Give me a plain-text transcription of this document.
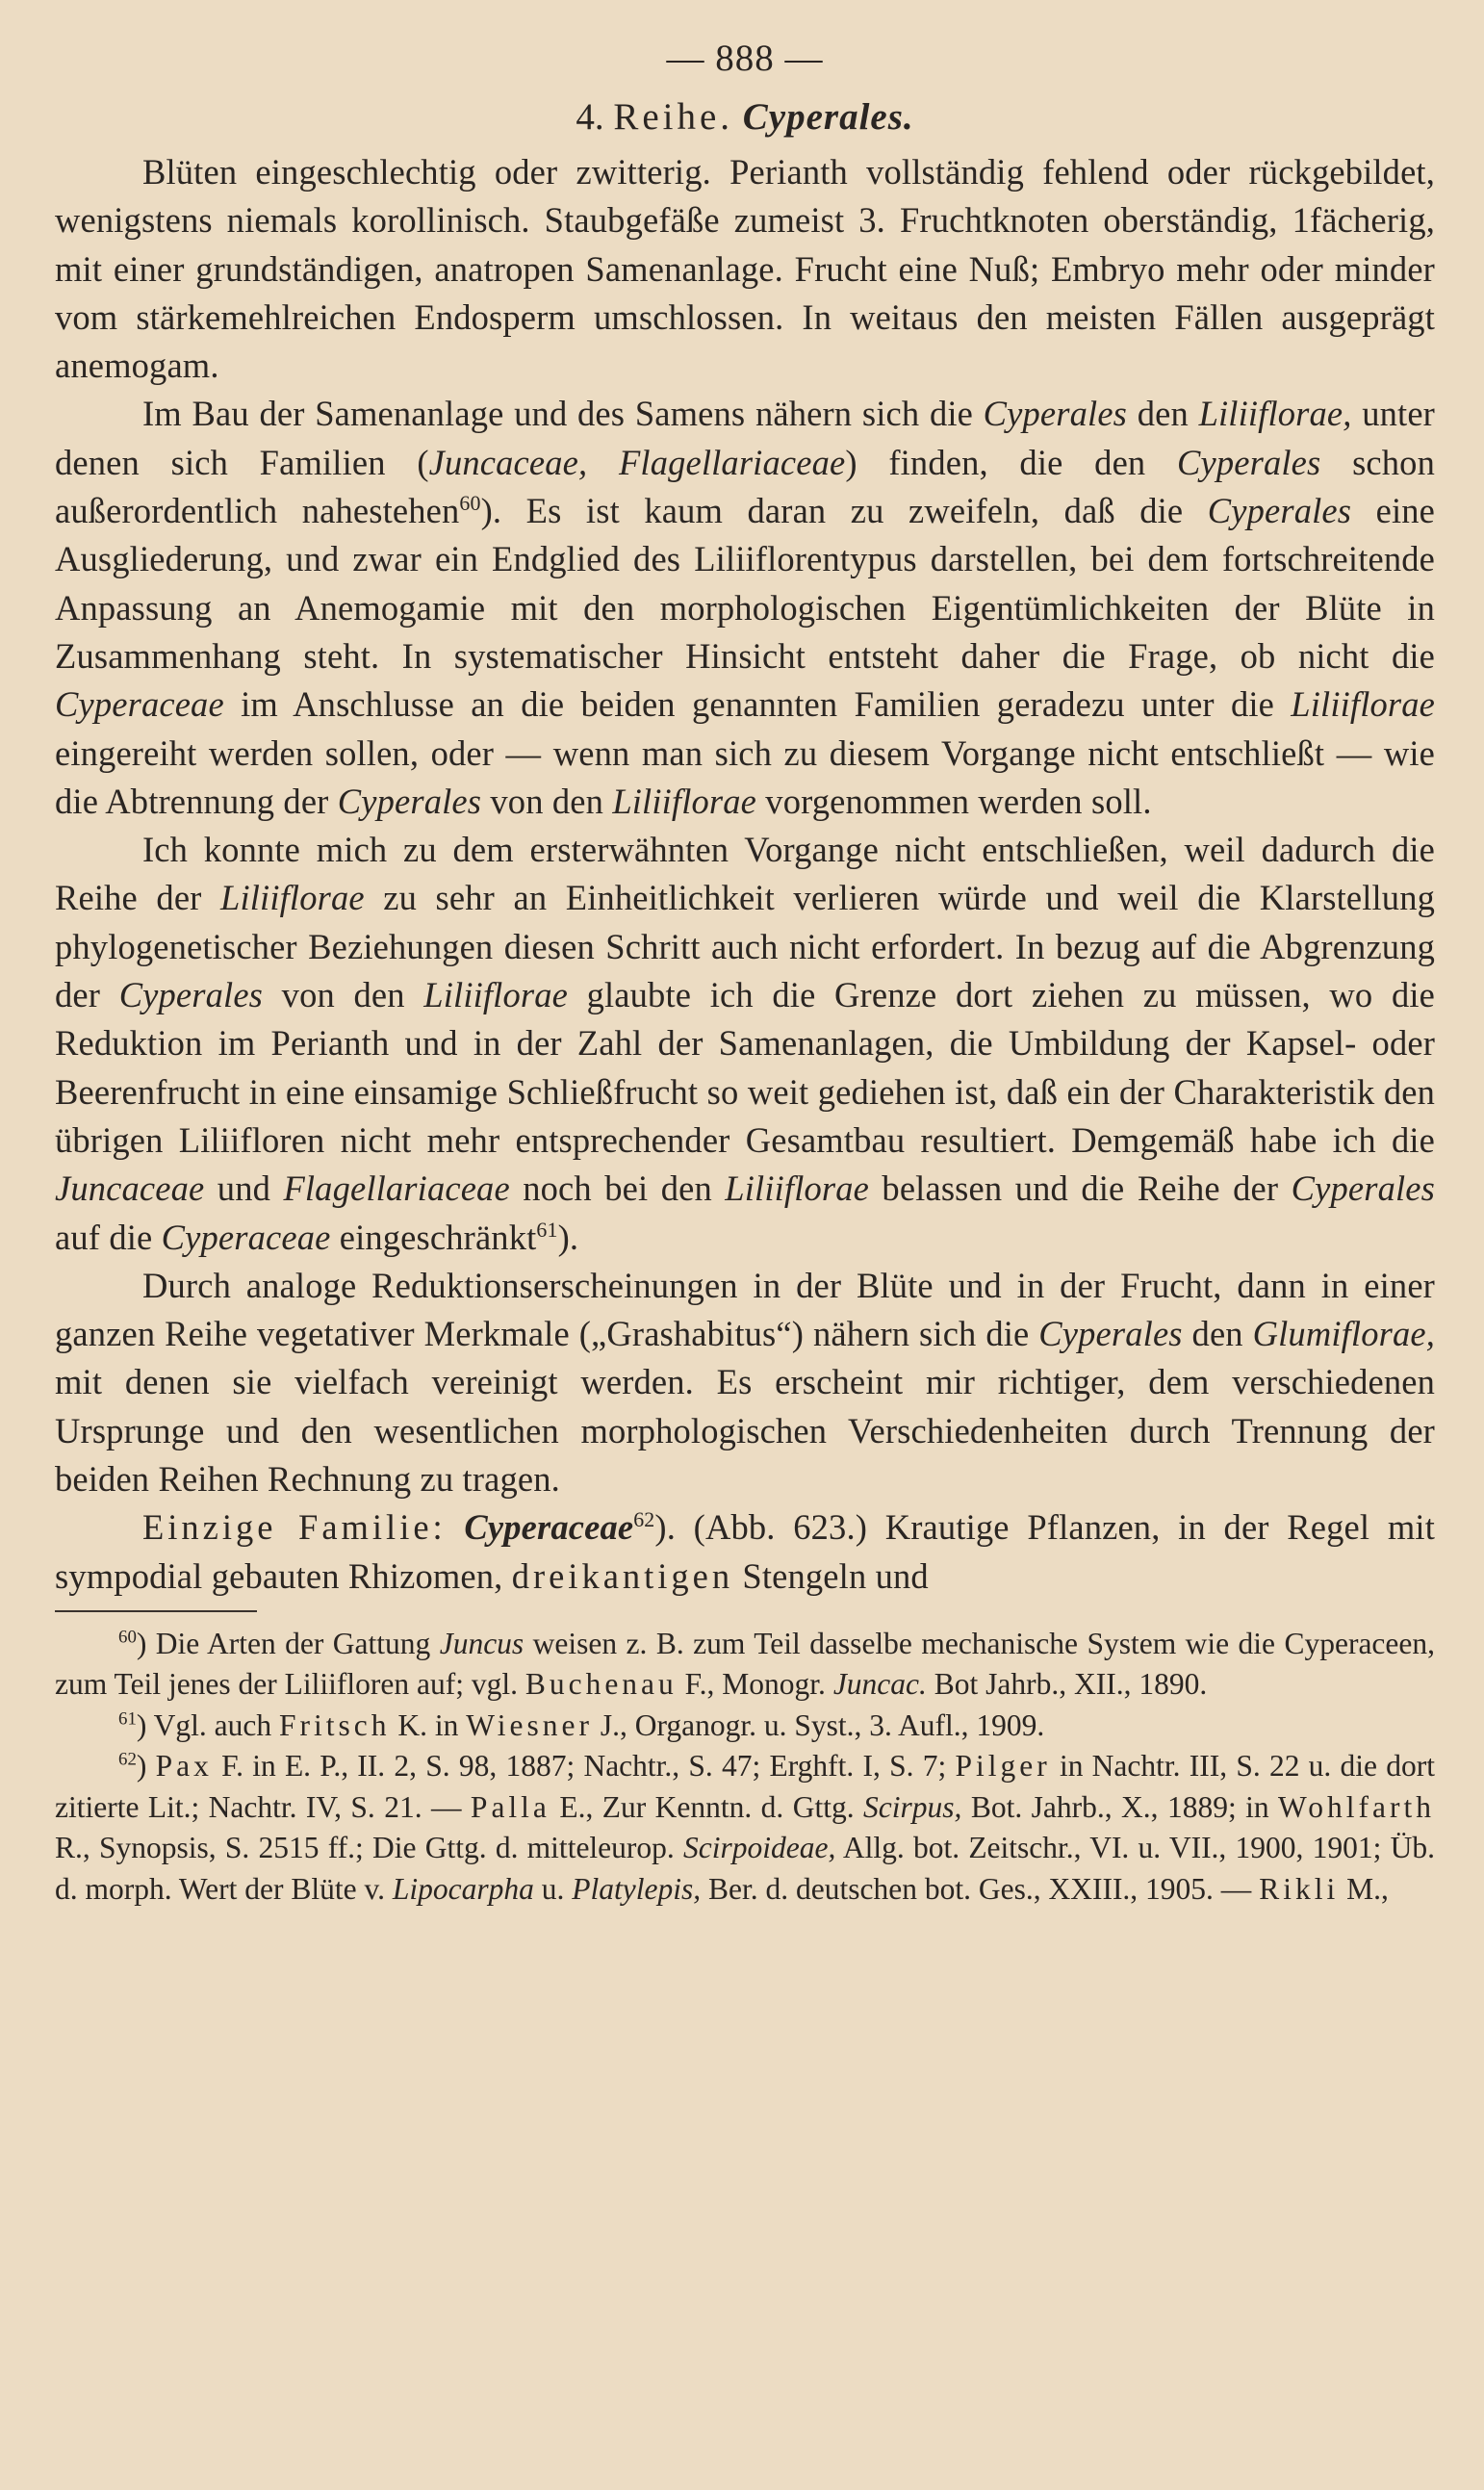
— 888 —
4. Reihe. Cyperales.

Blüten eingeschlechtig oder zwitterig. Perianth vollständig fehlend oder rückgebildet, wenigstens niemals korollinisch. Staubgefäße zumeist 3. Fruchtknoten oberständig, 1fächerig, mit einer grundständigen, anatropen Samenanlage. Frucht eine Nuß; Embryo mehr oder minder vom stärkemehlreichen Endosperm umschlossen. In weitaus den meisten Fällen ausgeprägt anemogam.

Im Bau der Samenanlage und des Samens nähern sich die Cyperales den Liliiflorae, unter denen sich Familien (Juncaceae, Flagellariaceae) finden, die den Cyperales schon außerordentlich nahestehen$^{60}$). Es ist kaum daran zu zweifeln, daß die Cyperales eine Ausgliederung, und zwar ein Endglied des Liliiflorentypus darstellen, bei dem fortschreitende Anpassung an Anemogamie mit den morphologischen Eigentümlichkeiten der Blüte in Zusammenhang steht. In systematischer Hinsicht entsteht daher die Frage, ob nicht die Cyperaceae im Anschlusse an die beiden genannten Familien geradezu unter die Liliiflorae eingereiht werden sollen, oder — wenn man sich zu diesem Vorgange nicht entschließt — wie die Abtrennung der Cyperales von den Liliiflorae vorgenommen werden soll.

Ich konnte mich zu dem ersterwähnten Vorgange nicht entschließen, weil dadurch die Reihe der Liliiflorae zu sehr an Einheitlichkeit verlieren würde und weil die Klarstellung phylogenetischer Beziehungen diesen Schritt auch nicht erfordert. In bezug auf die Abgrenzung der Cyperales von den Liliiflorae glaubte ich die Grenze dort ziehen zu müssen, wo die Reduktion im Perianth und in der Zahl der Samenanlagen, die Umbildung der Kapsel- oder Beerenfrucht in eine einsamige Schließfrucht so weit gediehen ist, daß ein der Charakteristik den übrigen Liliifloren nicht mehr entsprechender Gesamtbau resultiert. Demgemäß habe ich die Juncaceae und Flagellariaceae noch bei den Liliiflorae belassen und die Reihe der Cyperales auf die Cyperaceae eingeschränkt$^{61}$).

Durch analoge Reduktionserscheinungen in der Blüte und in der Frucht, dann in einer ganzen Reihe vegetativer Merkmale („Grashabitus“) nähern sich die Cyperales den Glumiflorae, mit denen sie vielfach vereinigt werden. Es erscheint mir richtiger, dem verschiedenen Ursprunge und den wesentlichen morphologischen Verschiedenheiten durch Trennung der beiden Reihen Rechnung zu tragen.

Einzige Familie: Cyperaceae$^{62}$). (Abb. 623.) Krautige Pflanzen, in der Regel mit sympodial gebauten Rhizomen, dreikantigen Stengeln und

$^{60}$) Die Arten der Gattung Juncus weisen z. B. zum Teil dasselbe mechanische System wie die Cyperaceen, zum Teil jenes der Liliifloren auf; vgl. Buchenau F., Monogr. Juncac. Bot Jahrb., XII., 1890.

$^{61}$) Vgl. auch Fritsch K. in Wiesner J., Organogr. u. Syst., 3. Aufl., 1909.

$^{62}$) Pax F. in E. P., II. 2, S. 98, 1887; Nachtr., S. 47; Erghft. I, S. 7; Pilger in Nachtr. III, S. 22 u. die dort zitierte Lit.; Nachtr. IV, S. 21. — Palla E., Zur Kenntn. d. Gttg. Scirpus, Bot. Jahrb., X., 1889; in Wohlfarth R., Synopsis, S. 2515 ff.; Die Gttg. d. mitteleurop. Scirpoideae, Allg. bot. Zeitschr., VI. u. VII., 1900, 1901; Üb. d. morph. Wert der Blüte v. Lipocarpha u. Platylepis, Ber. d. deutschen bot. Ges., XXIII., 1905. — Rikli M.,
